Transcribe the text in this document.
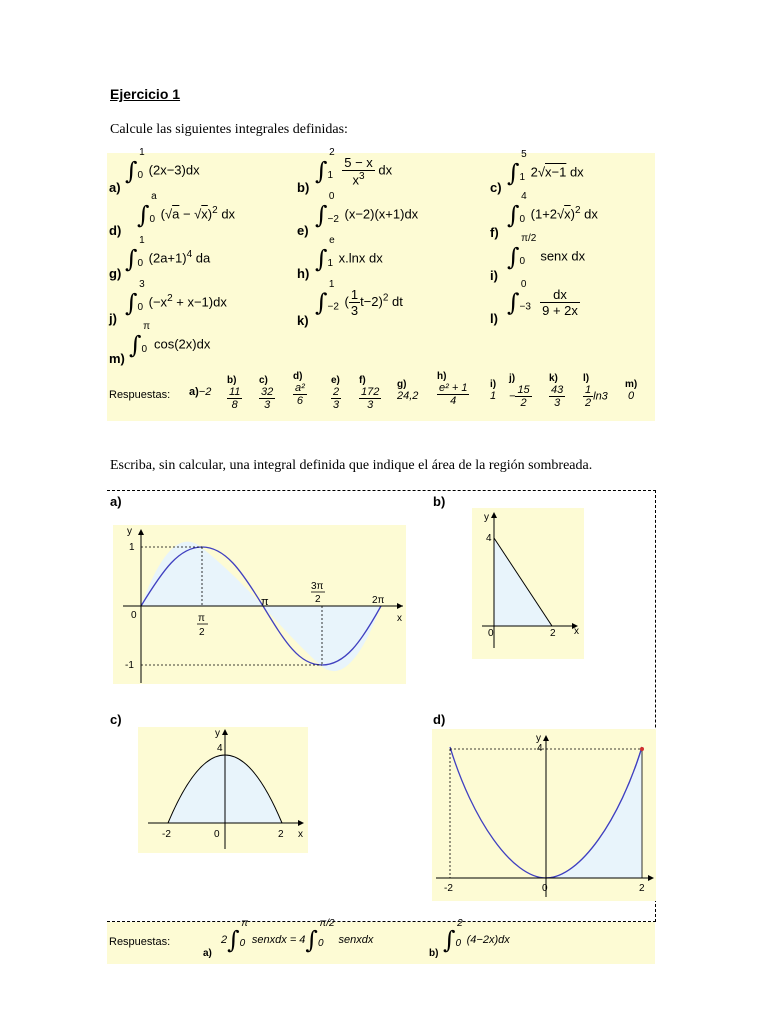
Ejercicio 1
Calcule las siguientes integrales definidas:
a)
$\int_0^1(2x-3)dx$
b)
$\int_1^2$
$\frac{5 - x}{x^3}$ dx
c)
$\int_1^52√x-1$ dx
d)
$\int_0^a(√a - √x)^2$ dx
e)
$\int_{-2}^0(x-2)(x+1)dx$
f)
$\int_0^4(1+2√x)^2$ dx
g)
$\int_0^1(2a+1)^4$ da
h)
$\int_1^ex.\ln x$ dx
i)
$\int_0^{\pi/2}senx$ dx
j)
$\int_0^3(-x^2 + x-1)dx$
k)
$\int_{-2}^1( \frac{1}{3} t-2)^2$ dt
l)
$\int_{-3}^0$
$\frac{dx}{9 + 2x}$
m) $\int_0^\pi\cos(2x)dx$
Respuestas:
a)−2
b)
$\frac{11}{8}$
c)
$\frac{32}{3}$
d)
$\frac{\text{a²}}{6}$
e)
$\frac{2}{3}$
f)
$\frac{172}{3}$
g)
24,2
h)
$\frac{\text{e² + 1}}{4} i$)
1
j)
− $\frac{15}{2}$
k)
$\frac{43}{3}$
l)
$\frac{1}{2} \ln 3$
m)
0
Escriba, sin calcular, una integral definida que indique el área de la región sombreada.
a)
y
x
1
-1
0	π
2
π
3π
2	2π
b)
y
4
0	2 x
c)
y
4
-2	0	2 x
d)
y
4
-2	0	2
Respuestas:
a)
$2\int_0^\pi senxdx$ = $4\int_0^{\pi/2}senxdx$
b) $\int_0^2(4-2x)dx$
